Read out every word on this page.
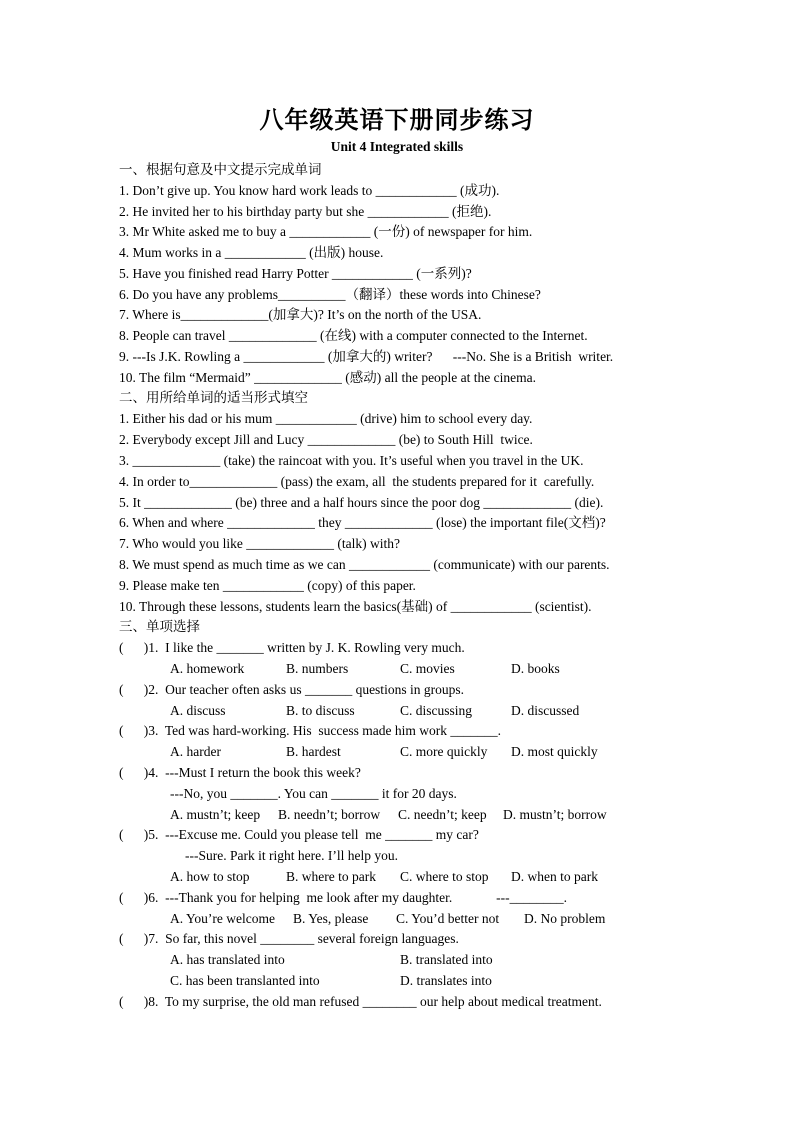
八年级英语下册同步练习
Unit 4 Integrated skills
一、根据句意及中文提示完成单词
1. Don’t give up. You know hard work leads to ____________ (成功).
2. He invited her to his birthday party but she ____________ (拒绝).
3. Mr White asked me to buy a ____________ (一份) of newspaper for him.
4. Mum works in a ____________ (出版) house.
5. Have you finished read Harry Potter ____________ (一系列)?
6. Do you have any problems__________（翻译）these words into Chinese?
7. Where is_____________(加拿大)? It’s on the north of the USA.
8. People can travel _____________ (在线) with a computer connected to the Internet.
9. ---Is J.K. Rowling a ____________ (加拿大的) writer?      ---No. She is a British  writer.
10. The film “Mermaid” _____________ (感动) all the people at the cinema.
二、用所给单词的适当形式填空
1. Either his dad or his mum ____________ (drive) him to school every day.
2. Everybody except Jill and Lucy _____________ (be) to South Hill  twice.
3. _____________ (take) the raincoat with you. It’s useful when you travel in the UK.
4. In order to_____________ (pass) the exam, all  the students prepared for it  carefully.
5. It _____________ (be) three and a half hours since the poor dog _____________ (die).
6. When and where _____________ they _____________ (lose) the important file(文档)?
7. Who would you like _____________ (talk) with?
8. We must spend as much time as we can ____________ (communicate) with our parents.
9. Please make ten ____________ (copy) of this paper.
10. Through these lessons, students learn the basics(基础) of ____________ (scientist).
三、单项选择
(      )1.  I like the _______ written by J. K. Rowling very much.
A. homework	B. numbers	C. movies	D. books
(      )2.  Our teacher often asks us _______ questions in groups.
A. discuss	B. to discuss	C. discussing	D. discussed
(      )3.  Ted was hard-working. His  success made him work _______.
A. harder	B. hardest	C. more quickly D. most quickly
(      )4.  ---Must I return the book this week?
---No, you _______. You can _______ it for 20 days.
A. mustn’t; keep B. needn’t; borrow C. needn’t; keep D. mustn’t; borrow
(      )5.  ---Excuse me. Could you please tell  me _______ my car?
---Sure. Park it right here. I’ll help you.
A. how to stop	B. where to park C. where to stop D. when to park
(      )6.  ---Thank you for helping  me look after my daughter.             ---________.
A. You’re welcome B. Yes, please C. You’d better not D. No problem
(      )7.  So far, this novel ________ several foreign languages.
A. has translated into	B. translated into
C. has been translanted into	D. translates into
(      )8.  To my surprise, the old man refused ________ our help about medical treatment.
